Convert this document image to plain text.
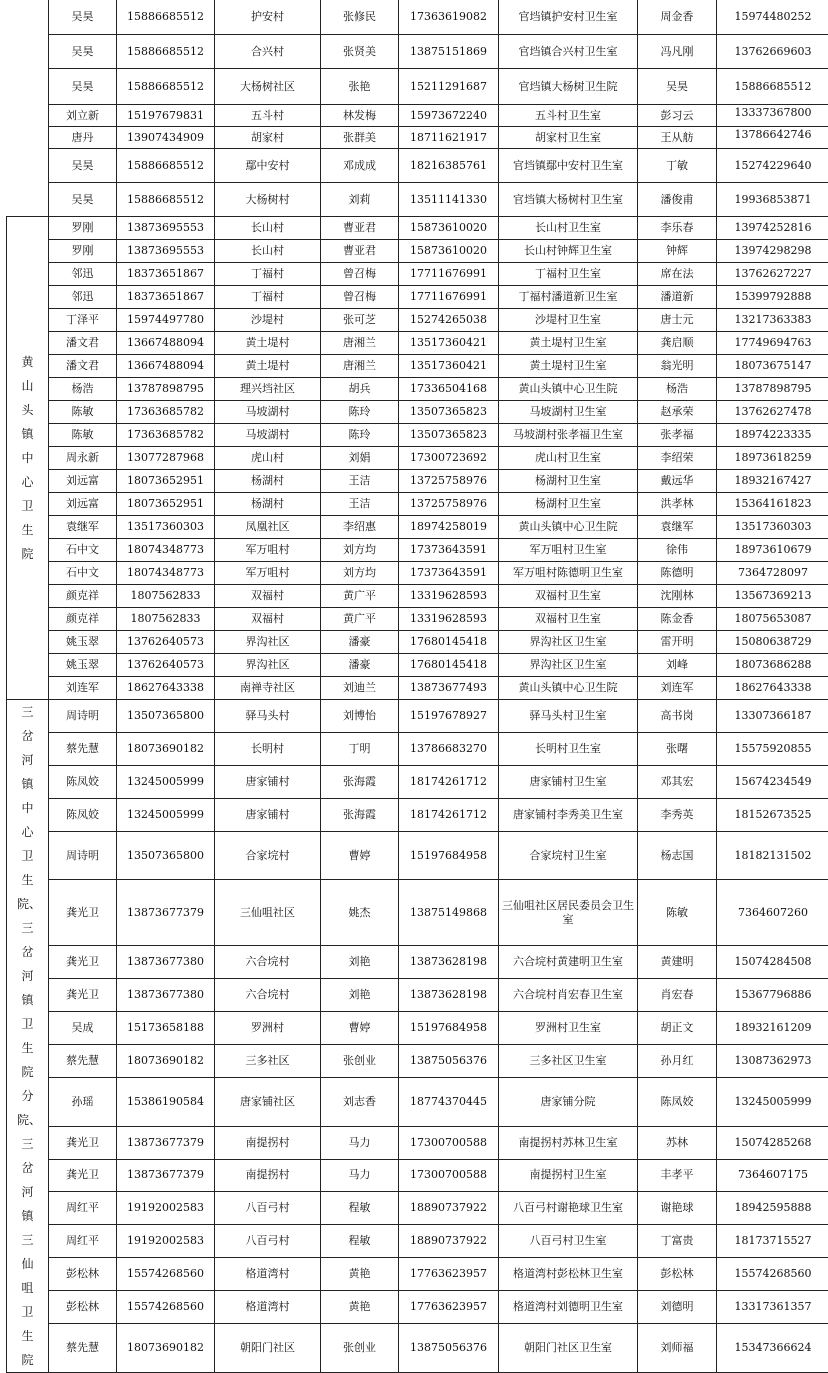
	吴昊	15886685512	护安村	张修民	17363619082	官垱镇护安村卫生室	周金香	15974480252
	吴昊	15886685512	合兴村	张贤美	13875151869	官垱镇合兴村卫生室	冯凡刚	13762669603
	吴昊	15886685512	大杨树社区	张艳	15211291687	官垱镇大杨树卫生院	吴昊	15886685512
	刘立新	15197679831	五斗村	林发梅	15973672240	五斗村卫生室	彭习云	13337367800
	唐丹	13907434909	胡家村	张群美	18711621917	胡家村卫生室	王从舫	13786642746
	吴昊	15886685512	鄢中安村	邓成成	18216385761	官垱镇鄢中安村卫生室	丁敏	15274229640
	吴昊	15886685512	大杨树村	刘莉	13511141330	官垱镇大杨树村卫生室	潘俊甫	19936853871

黄山头镇中心卫生院	罗刚	13873695553	长山村	曹亚君	15873610020	长山村卫生室	李乐春	13974252816
	罗刚	13873695553	长山村	曹亚君	15873610020	长山村钟辉卫生室	钟辉	13974298298
	邻迅	18373651867	丁福村	曾召梅	17711676991	丁福村卫生室	席在法	13762627227
	邻迅	18373651867	丁福村	曾召梅	17711676991	丁福村潘道新卫生室	潘道新	15399792888
	丁泽平	15974497780	沙堤村	张可芝	15274265038	沙堤村卫生室	唐士元	13217363383
	潘文君	13667488094	黄土堤村	唐湘兰	13517360421	黄土堤村卫生室	龚启顺	17749694763
	潘文君	13667488094	黄土堤村	唐湘兰	13517360421	黄土堤村卫生室	翁光明	18073675147
	杨浩	13787898795	理兴垱社区	胡兵	17336504168	黄山头镇中心卫生院	杨浩	13787898795
	陈敏	17363685782	马坡湖村	陈玲	13507365823	马坡湖村卫生室	赵承荣	13762627478
	陈敏	17363685782	马坡湖村	陈玲	13507365823	马坡湖村张孝福卫生室	张孝福	18974223335
	周永新	13077287968	虎山村	刘娟	17300723692	虎山村卫生室	李绍荣	18973618259
	刘远富	18073652951	杨湖村	王洁	13725758976	杨湖村卫生室	戴远华	18932167427
	刘远富	18073652951	杨湖村	王洁	13725758976	杨湖村卫生室	洪孝林	15364161823
	袁继军	13517360303	凤凰社区	李绍惠	18974258019	黄山头镇中心卫生院	袁继军	13517360303
	石中文	18074348773	军万咀村	刘方均	17373643591	军万咀村卫生室	徐伟	18973610679
	石中文	18074348773	军万咀村	刘方均	17373643591	军万咀村陈德明卫生室	陈德明	7364728097
	颜克祥	1807562833	双福村	黄广平	13319628593	双福村卫生室	沈刚林	13567369213
	颜克祥	1807562833	双福村	黄广平	13319628593	双福村卫生室	陈金香	18075653087
	姚玉翠	13762640573	界沟社区	潘豪	17680145418	界沟社区卫生室	雷开明	15080638729
	姚玉翠	13762640573	界沟社区	潘豪	17680145418	界沟社区卫生室	刘峰	18073686288
	刘连军	18627643338	南禅寺社区	刘迪兰	13873677493	黄山头镇中心卫生院	刘连军	18627643338

三岔河镇中心卫生院、三岔河镇卫生院分院、三岔河镇三仙咀卫生院	周诗明	13507365800	驿马头村	刘博怡	15197678927	驿马头村卫生室	高书岗	13307366187
	蔡先慧	18073690182	长明村	丁明	13786683270	长明村卫生室	张曙	15575920855
	陈凤姣	13245005999	唐家铺村	张海霞	18174261712	唐家铺村卫生室	邓其宏	15674234549
	陈凤姣	13245005999	唐家铺村	张海霞	18174261712	唐家铺村李秀美卫生室	李秀英	18152673525
	周诗明	13507365800	合家垸村	曹婷	15197684958	合家垸村卫生室	杨志国	18182131502
	龚光卫	13873677379	三仙咀社区	姚杰	13875149868	三仙咀社区居民委员会卫生室	陈敏	7364607260
	龚光卫	13873677380	六合垸村	刘艳	13873628198	六合垸村黄建明卫生室	黄建明	15074284508
	龚光卫	13873677380	六合垸村	刘艳	13873628198	六合垸村肖宏春卫生室	肖宏春	15367796886
	吴成	15173658188	罗洲村	曹婷	15197684958	罗洲村卫生室	胡正文	18932161209
	蔡先慧	18073690182	三多社区	张创业	13875056376	三多社区卫生室	孙月红	13087362973
	孙瑶	15386190584	唐家铺社区	刘志香	18774370445	唐家铺分院	陈凤姣	13245005999
	龚光卫	13873677379	南提拐村	马力	17300700588	南提拐村苏林卫生室	苏林	15074285268
	龚光卫	13873677379	南提拐村	马力	17300700588	南提拐村卫生室	丰孝平	7364607175
	周红平	19192002583	八百弓村	程敏	18890737922	八百弓村谢艳球卫生室	谢艳球	18942595888
	周红平	19192002583	八百弓村	程敏	18890737922	八百弓村卫生室	丁富贵	18173715527
	彭松林	15574268560	格道湾村	黄艳	17763623957	格道湾村彭松林卫生室	彭松林	15574268560
	彭松林	15574268560	格道湾村	黄艳	17763623957	格道湾村刘德明卫生室	刘德明	13317361357
	蔡先慧	18073690182	朝阳门社区	张创业	13875056376	朝阳门社区卫生室	刘师福	15347366624
